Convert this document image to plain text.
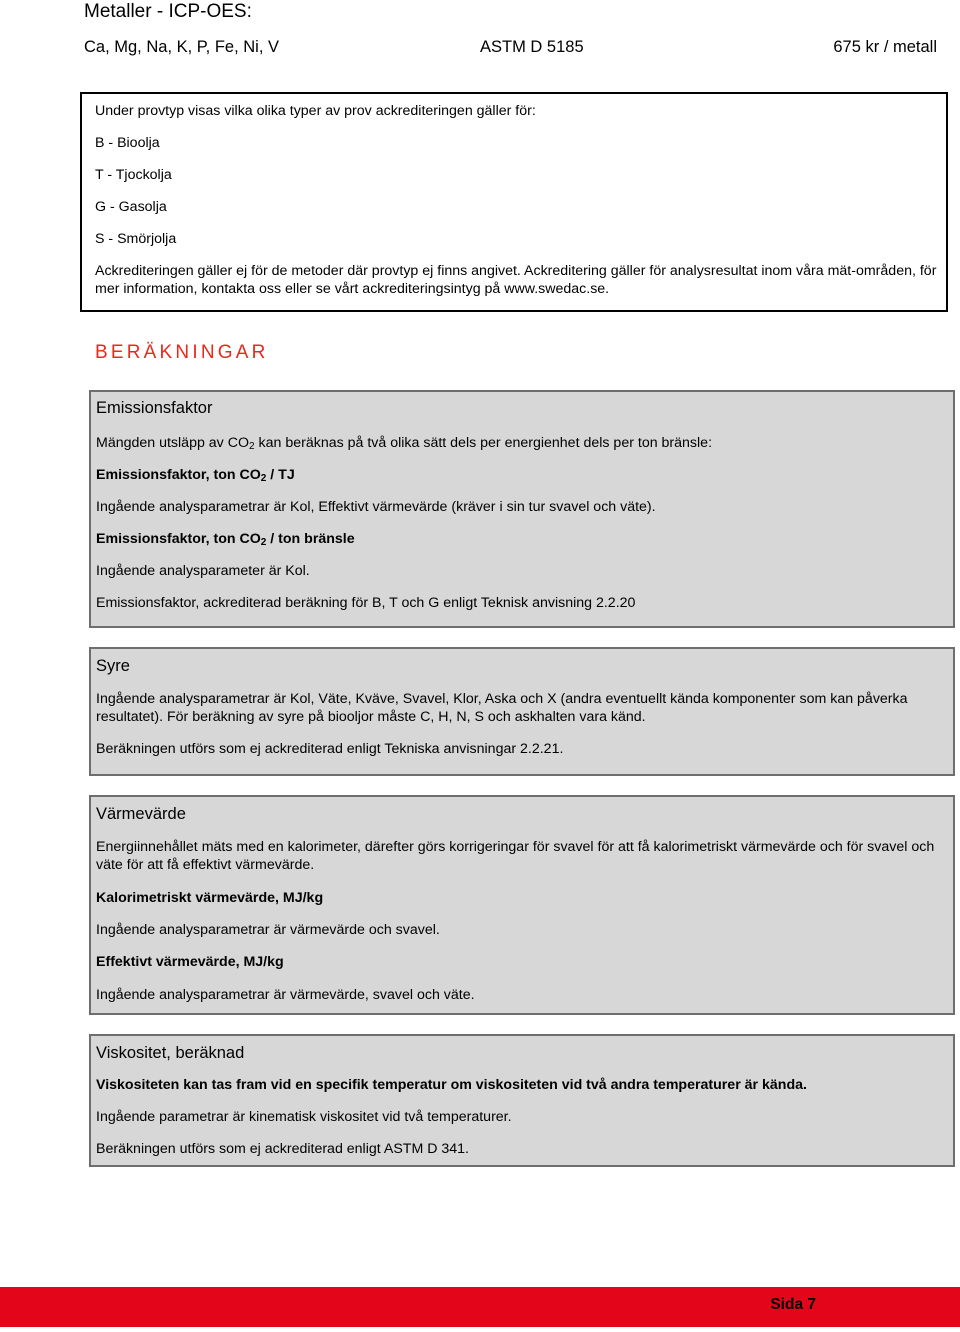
Metaller - ICP-OES:
Ca, Mg, Na, K, P, Fe, Ni, V	ASTM D 5185	675 kr / metall
Under provtyp visas vilka olika typer av prov ackrediteringen gäller för:
B - Bioolja
T - Tjockolja
G - Gasolja
S - Smörjolja
Ackrediteringen gäller ej för de metoder där provtyp ej finns angivet. Ackreditering gäller för analysresultat inom våra mät-områden, för mer information, kontakta oss eller se vårt ackrediteringsintyg på www.swedac.se.
BERÄKNINGAR
Emissionsfaktor
Mängden utsläpp av $CO_2$ kan beräknas på två olika sätt dels per energienhet dels per ton bränsle:
Emissionsfaktor, ton $CO_2$ / TJ
Ingående analysparametrar är Kol, Effektivt värmevärde (kräver i sin tur svavel och väte).
Emissionsfaktor, ton $CO_2$ / ton bränsle
Ingående analysparameter är Kol.
Emissionsfaktor, ackrediterad beräkning för B, T och G enligt Teknisk anvisning 2.2.20
Syre
Ingående analysparametrar är Kol, Väte, Kväve, Svavel, Klor, Aska och X (andra eventuellt kända komponenter som kan påverka resultatet). För beräkning av syre på biooljor måste C, H, N, S och askhalten vara känd.
Beräkningen utförs som ej ackrediterad enligt Tekniska anvisningar 2.2.21.
Värmevärde
Energiinnehållet mäts med en kalorimeter, därefter görs korrigeringar för svavel för att få kalorimetriskt värmevärde och för svavel och väte för att få effektivt värmevärde.
Kalorimetriskt värmevärde, MJ/kg
Ingående analysparametrar är värmevärde och svavel.
Effektivt värmevärde, MJ/kg
Ingående analysparametrar är värmevärde, svavel och väte.
Viskositet, beräknad
Viskositeten kan tas fram vid en specifik temperatur om viskositeten vid två andra temperaturer är kända.
Ingående parametrar är kinematisk viskositet vid två temperaturer.
Beräkningen utförs som ej ackrediterad enligt ASTM D 341.
Sida 7
